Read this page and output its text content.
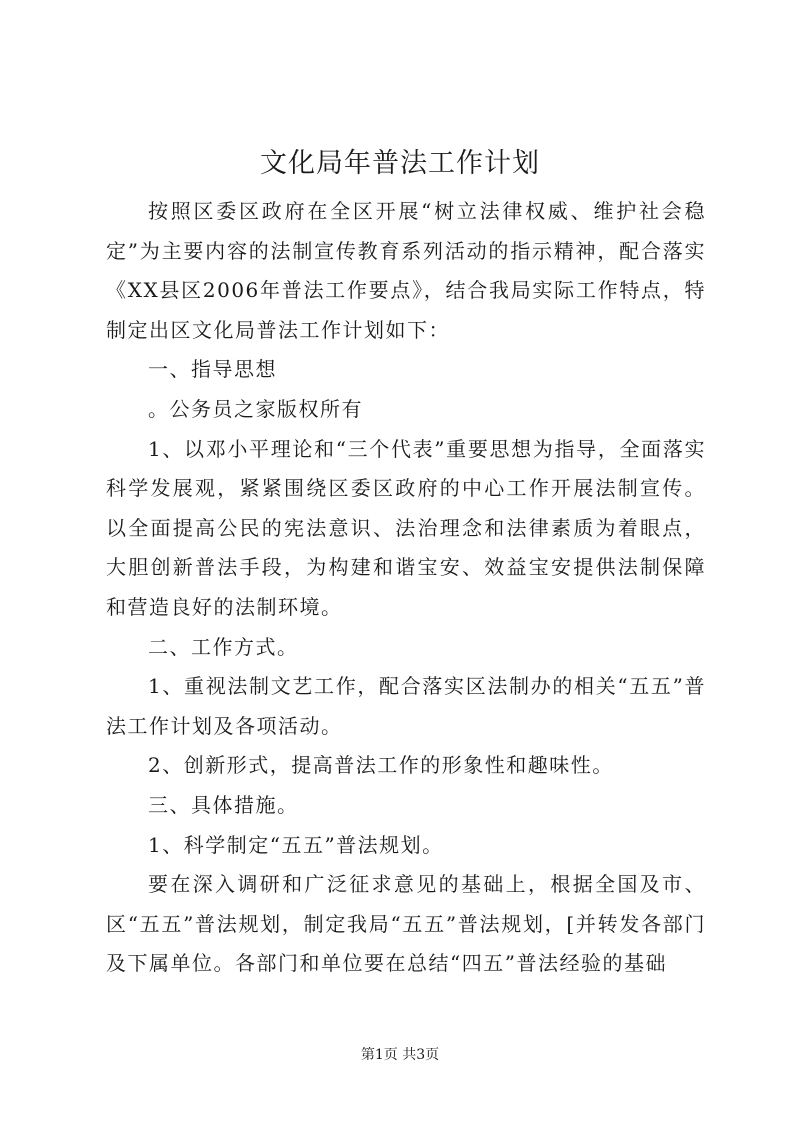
文化局年普法工作计划

按照区委区政府在全区开展“树立法律权威、维护社会稳定”为主要内容的法制宣传教育系列活动的指示精神，配合落实《XX县区2006年普法工作要点》，结合我局实际工作特点，特制定出区文化局普法工作计划如下：

一、指导思想

。公务员之家版权所有

1、以邓小平理论和“三个代表”重要思想为指导，全面落实科学发展观，紧紧围绕区委区政府的中心工作开展法制宣传。以全面提高公民的宪法意识、法治理念和法律素质为着眼点，大胆创新普法手段，为构建和谐宝安、效益宝安提供法制保障和营造良好的法制环境。

二、工作方式。

1、重视法制文艺工作，配合落实区法制办的相关“五五”普法工作计划及各项活动。

2、创新形式，提高普法工作的形象性和趣味性。

三、具体措施。

1、科学制定“五五”普法规划。

要在深入调研和广泛征求意见的基础上，根据全国及市、区“五五”普法规划，制定我局“五五”普法规划，[并转发各部门及下属单位。各部门和单位要在总结“四五”普法经验的基础

第1页 共3页
